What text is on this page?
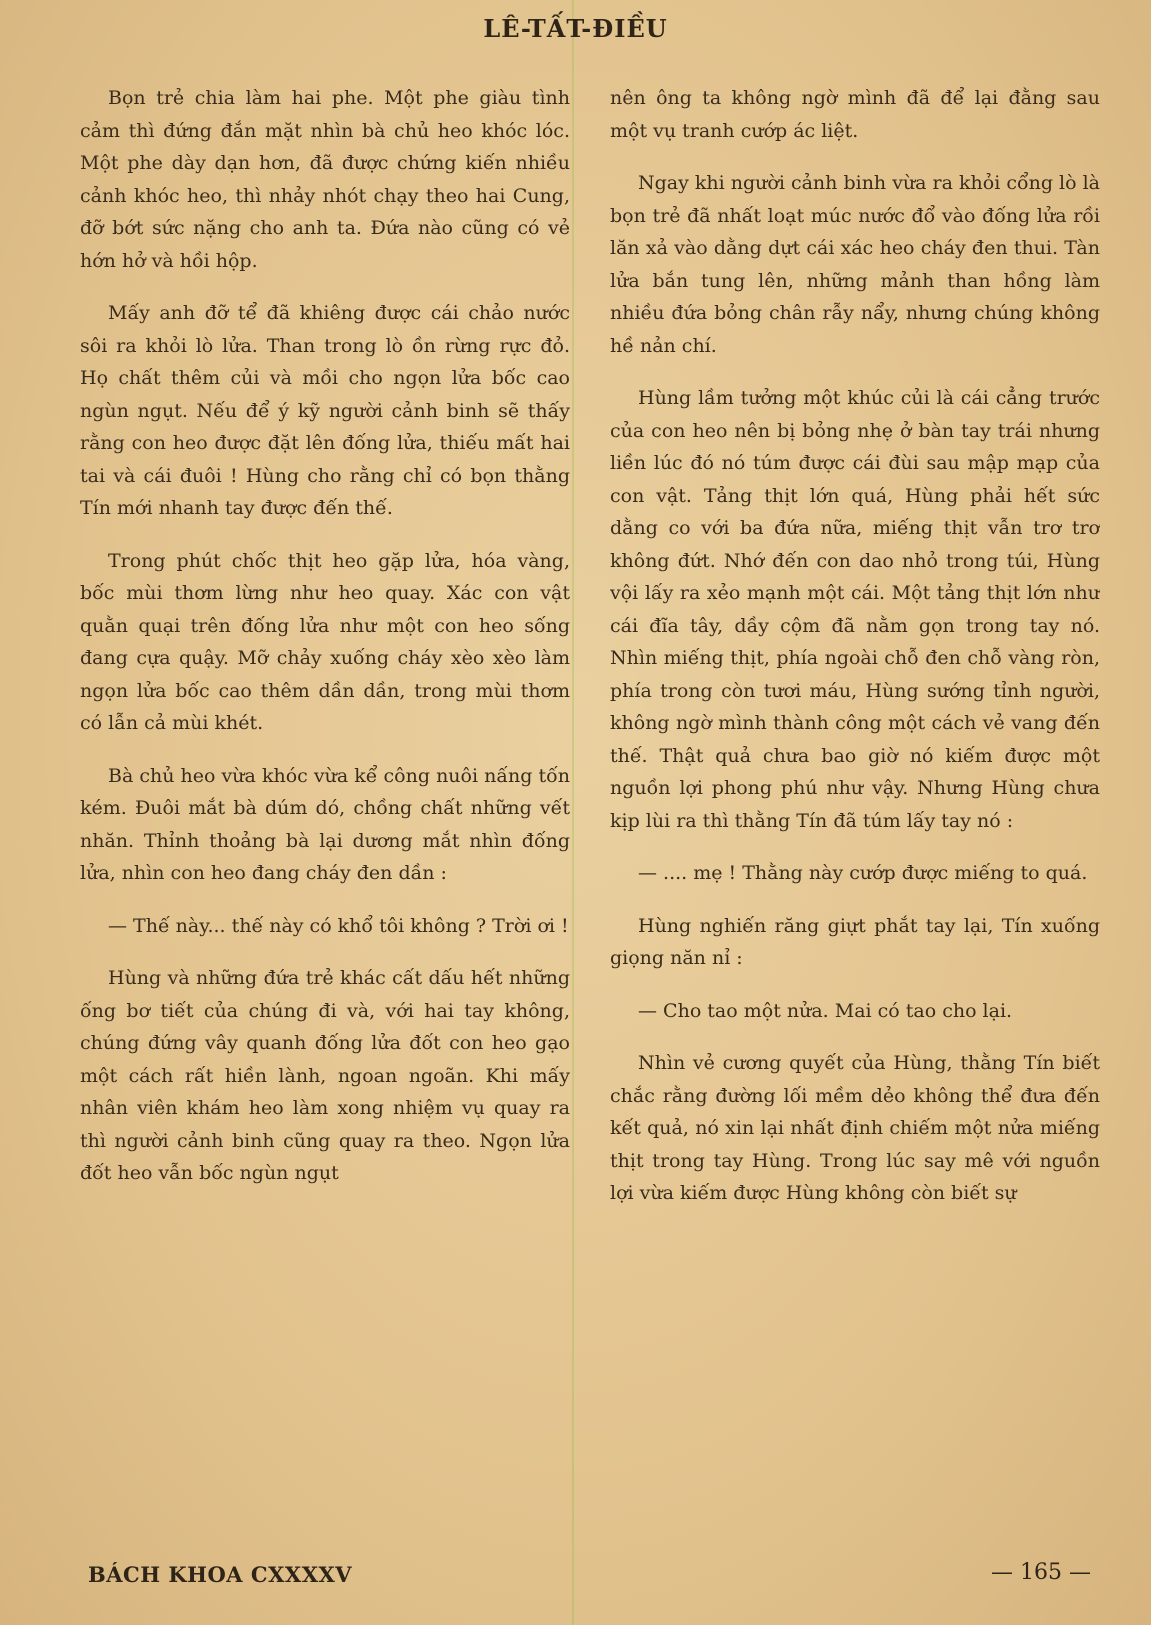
LÊ-TẤT-ĐIỀU

Bọn trẻ chia làm hai phe. Một phe giàu tình cảm thì đứng đắn mặt nhìn bà chủ heo khóc lóc. Một phe dày dạn hơn, đã được chứng kiến nhiều cảnh khóc heo, thì nhảy nhót chạy theo hai Cung, đỡ bớt sức nặng cho anh ta. Đứa nào cũng có vẻ hớn hở và hồi hộp.

Mấy anh đỡ tể đã khiêng được cái chảo nước sôi ra khỏi lò lửa. Than trong lò ồn rừng rực đỏ. Họ chất thêm củi và mồi cho ngọn lửa bốc cao ngùn ngụt. Nếu để ý kỹ người cảnh binh sẽ thấy rằng con heo được đặt lên đống lửa, thiếu mất hai tai và cái đuôi ! Hùng cho rằng chỉ có bọn thằng Tín mới nhanh tay được đến thế.

Trong phút chốc thịt heo gặp lửa, hóa vàng, bốc mùi thơm lừng như heo quay. Xác con vật quằn quại trên đống lửa như một con heo sống đang cựa quậy. Mỡ chảy xuống cháy xèo xèo làm ngọn lửa bốc cao thêm dần dần, trong mùi thơm có lẫn cả mùi khét.

Bà chủ heo vừa khóc vừa kể công nuôi nấng tốn kém. Đuôi mắt bà dúm dó, chồng chất những vết nhăn. Thỉnh thoảng bà lại dương mắt nhìn đống lửa, nhìn con heo đang cháy đen dần :

— Thế này... thế này có khổ tôi không ? Trời ơi !

Hùng và những đứa trẻ khác cất dấu hết những ống bơ tiết của chúng đi và, với hai tay không, chúng đứng vây quanh đống lửa đốt con heo gạo một cách rất hiền lành, ngoan ngoãn. Khi mấy nhân viên khám heo làm xong nhiệm vụ quay ra thì người cảnh binh cũng quay ra theo. Ngọn lửa đốt heo vẫn bốc ngùn ngụt

nên ông ta không ngờ mình đã để lại đằng sau một vụ tranh cướp ác liệt.

Ngay khi người cảnh binh vừa ra khỏi cổng lò là bọn trẻ đã nhất loạt múc nước đổ vào đống lửa rồi lăn xả vào dằng dựt cái xác heo cháy đen thui. Tàn lửa bắn tung lên, những mảnh than hồng làm nhiều đứa bỏng chân rẫy nẩy, nhưng chúng không hề nản chí.

Hùng lầm tưởng một khúc củi là cái cẳng trước của con heo nên bị bỏng nhẹ ở bàn tay trái nhưng liền lúc đó nó túm được cái đùi sau mập mạp của con vật. Tảng thịt lớn quá, Hùng phải hết sức dằng co với ba đứa nữa, miếng thịt vẫn trơ trơ không đứt. Nhớ đến con dao nhỏ trong túi, Hùng vội lấy ra xẻo mạnh một cái. Một tảng thịt lớn như cái đĩa tây, dầy cộm đã nằm gọn trong tay nó. Nhìn miếng thịt, phía ngoài chỗ đen chỗ vàng ròn, phía trong còn tươi máu, Hùng sướng tỉnh người, không ngờ mình thành công một cách vẻ vang đến thế. Thật quả chưa bao giờ nó kiếm được một nguồn lợi phong phú như vậy. Nhưng Hùng chưa kịp lùi ra thì thằng Tín đã túm lấy tay nó :

— .... mẹ ! Thằng này cướp được miếng to quá.

Hùng nghiến răng giựt phắt tay lại, Tín xuống giọng năn nỉ :

— Cho tao một nửa. Mai có tao cho lại.

Nhìn vẻ cương quyết của Hùng, thằng Tín biết chắc rằng đường lối mềm dẻo không thể đưa đến kết quả, nó xin lại nhất định chiếm một nửa miếng thịt trong tay Hùng. Trong lúc say mê với nguồn lợi vừa kiếm được Hùng không còn biết sự

BÁCH KHOA CXXXXV	— 165 —
